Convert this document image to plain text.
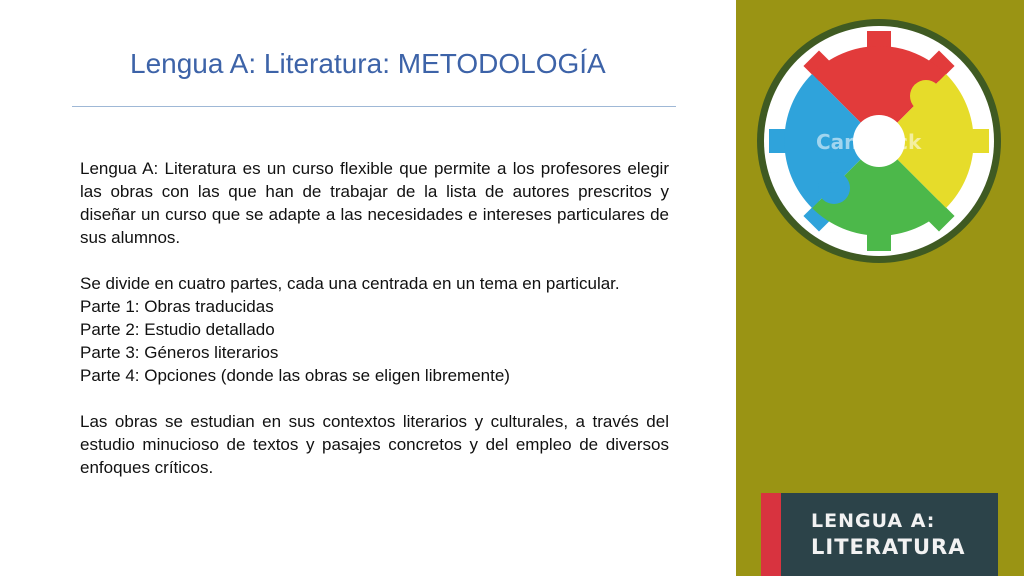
Lengua A: Literatura: METODOLOGÍA

Lengua A: Literatura es un curso flexible que permite a los profesores elegir las obras con las que han de trabajar de la lista de autores prescritos y diseñar un curso que se adapte a las necesidades e intereses particulares de sus alumnos.

Se divide en cuatro partes, cada una centrada en un tema en particular.

Parte 1: Obras traducidas
Parte 2: Estudio detallado
Parte 3: Géneros literarios
Parte 4: Opciones (donde las obras se eligen libremente)

Las obras se estudian en sus contextos literarios y culturales, a través del estudio minucioso de textos y pasajes concretos y del empleo de diversos enfoques críticos.

CanStock
LENGUA A:
LITERATURA
